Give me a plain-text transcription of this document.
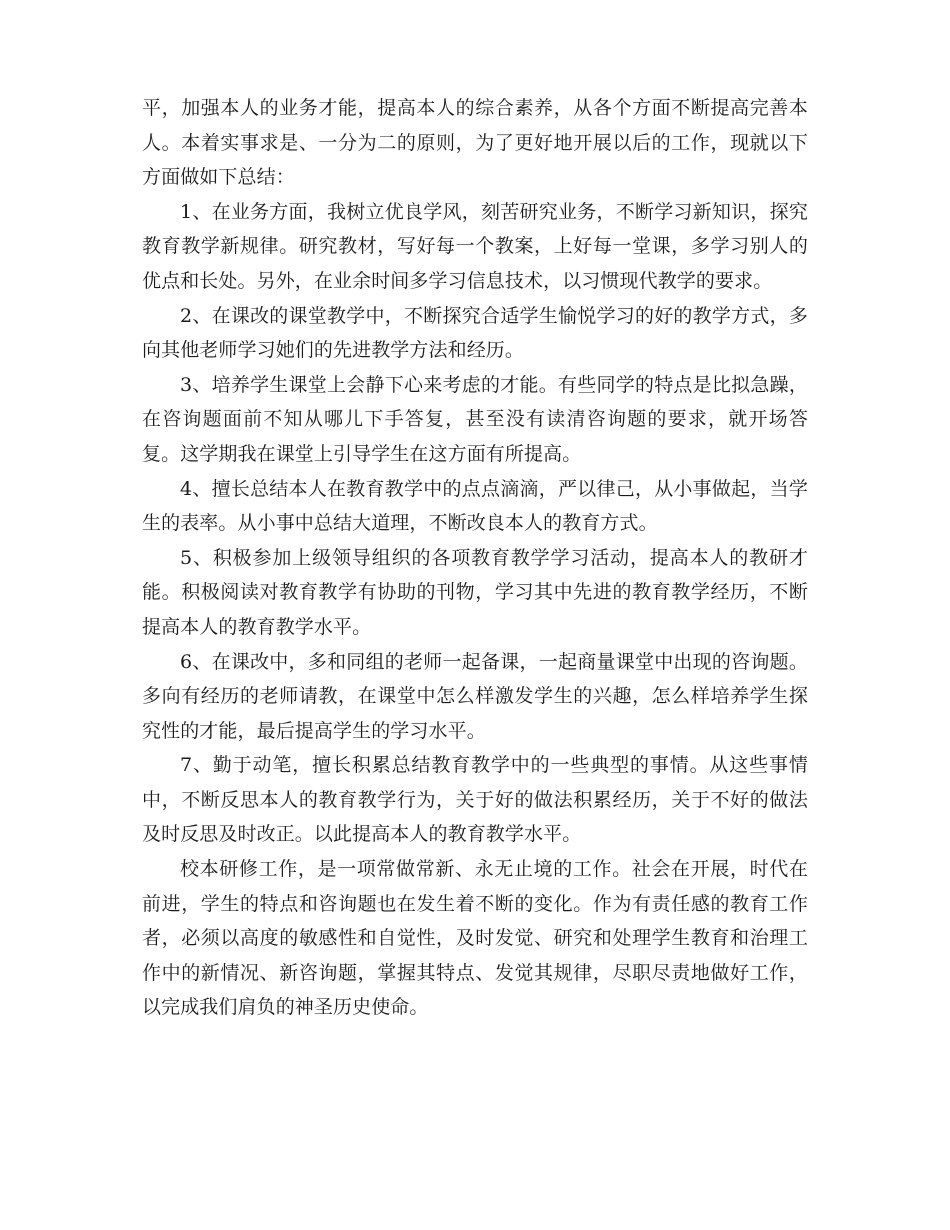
平，加强本人的业务才能，提高本人的综合素养，从各个方面不断提高完善本人。本着实事求是、一分为二的原则，为了更好地开展以后的工作，现就以下方面做如下总结：

1、在业务方面，我树立优良学风，刻苦研究业务，不断学习新知识，探究教育教学新规律。研究教材，写好每一个教案，上好每一堂课，多学习别人的优点和长处。另外，在业余时间多学习信息技术，以习惯现代教学的要求。

2、在课改的课堂教学中，不断探究合适学生愉悦学习的好的教学方式，多向其他老师学习她们的先进教学方法和经历。

3、培养学生课堂上会静下心来考虑的才能。有些同学的特点是比拟急躁，在咨询题面前不知从哪儿下手答复，甚至没有读清咨询题的要求，就开场答复。这学期我在课堂上引导学生在这方面有所提高。

4、擅长总结本人在教育教学中的点点滴滴，严以律己，从小事做起，当学生的表率。从小事中总结大道理，不断改良本人的教育方式。

5、积极参加上级领导组织的各项教育教学学习活动，提高本人的教研才能。积极阅读对教育教学有协助的刊物，学习其中先进的教育教学经历，不断提高本人的教育教学水平。

6、在课改中，多和同组的老师一起备课，一起商量课堂中出现的咨询题。多向有经历的老师请教，在课堂中怎么样激发学生的兴趣，怎么样培养学生探究性的才能，最后提高学生的学习水平。

7、勤于动笔，擅长积累总结教育教学中的一些典型的事情。从这些事情中，不断反思本人的教育教学行为，关于好的做法积累经历，关于不好的做法及时反思及时改正。以此提高本人的教育教学水平。

校本研修工作，是一项常做常新、永无止境的工作。社会在开展，时代在前进，学生的特点和咨询题也在发生着不断的变化。作为有责任感的教育工作者，必须以高度的敏感性和自觉性，及时发觉、研究和处理学生教育和治理工作中的新情况、新咨询题，掌握其特点、发觉其规律，尽职尽责地做好工作，以完成我们肩负的神圣历史使命。
